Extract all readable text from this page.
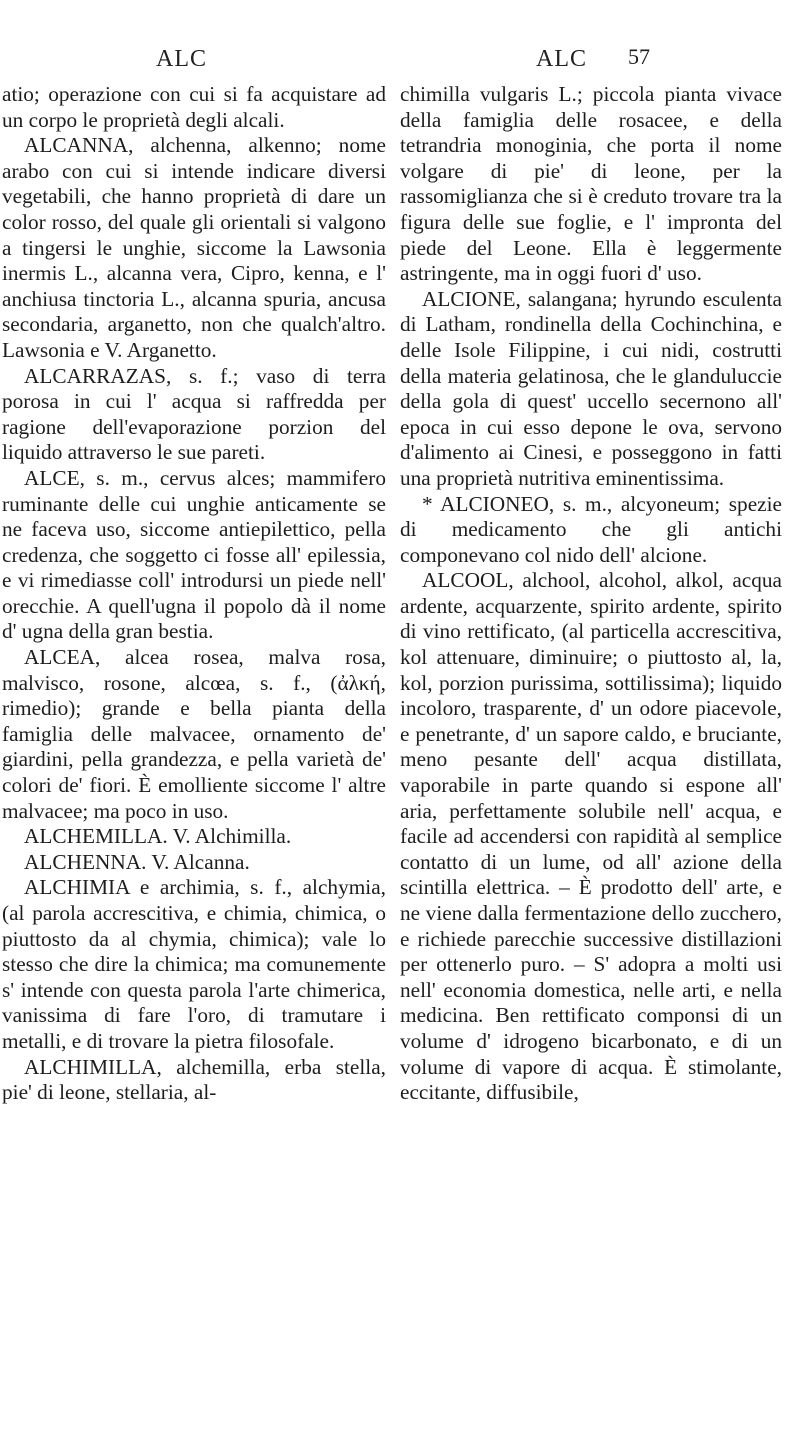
ALC	ALC 57

atio; operazione con cui si fa acquistare ad un corpo le proprietà degli alcali.

ALCANNA, alchenna, alkenno; nome arabo con cui si intende indicare diversi vegetabili, che hanno proprietà di dare un color rosso, del quale gli orientali si valgono a tingersi le unghie, siccome la Lawsonia inermis L., alcanna vera, Cipro, kenna, e l' anchiusa tinctoria L., alcanna spuria, ancusa secondaria, arganetto, non che qualch'altro. Lawsonia e V. Arganetto.

ALCARRAZAS, s. f.; vaso di terra porosa in cui l' acqua si raffredda per ragione dell'evaporazione porzion del liquido attraverso le sue pareti.

ALCE, s. m., cervus alces; mammifero ruminante delle cui unghie anticamente se ne faceva uso, siccome antiepilettico, pella credenza, che soggetto ci fosse all' epilessia, e vi rimediasse coll' introdursi un piede nell' orecchie. A quell'ugna il popolo dà il nome d' ugna della gran bestia.

ALCEA, alcea rosea, malva rosa, malvisco, rosone, alcœa, s. f., (ἀλκή, rimedio); grande e bella pianta della famiglia delle malvacee, ornamento de' giardini, pella grandezza, e pella varietà de' colori de' fiori. È emolliente siccome l' altre malvacee; ma poco in uso.

ALCHEMILLA. V. Alchimilla.

ALCHENNA. V. Alcanna.

ALCHIMIA e archimia, s. f., alchymia, (al parola accrescitiva, e chimia, chimica, o piuttosto da al chymia, chimica); vale lo stesso che dire la chimica; ma comunemente s' intende con questa parola l'arte chimerica, vanissima di fare l'oro, di tramutare i metalli, e di trovare la pietra filosofale.

ALCHIMILLA, alchemilla, erba stella, pie' di leone, stellaria, al-

chimilla vulgaris L.; piccola pianta vivace della famiglia delle rosacee, e della tetrandria monoginia, che porta il nome volgare di pie' di leone, per la rassomiglianza che si è creduto trovare tra la figura delle sue foglie, e l' impronta del piede del Leone. Ella è leggermente astringente, ma in oggi fuori d' uso.

ALCIONE, salangana; hyrundo esculenta di Latham, rondinella della Cochinchina, e delle Isole Filippine, i cui nidi, costrutti della materia gelatinosa, che le glanduluccie della gola di quest' uccello secernono all' epoca in cui esso depone le ova, servono d'alimento ai Cinesi, e posseggono in fatti una proprietà nutritiva eminentissima.

* ALCIONEO, s. m., alcyoneum; spezie di medicamento che gli antichi componevano col nido dell' alcione.

ALCOOL, alchool, alcohol, alkol, acqua ardente, acquarzente, spirito ardente, spirito di vino rettificato, (al particella accrescitiva, kol attenuare, diminuire; o piuttosto al, la, kol, porzion purissima, sottilissima); liquido incoloro, trasparente, d' un odore piacevole, e penetrante, d' un sapore caldo, e bruciante, meno pesante dell' acqua distillata, vaporabile in parte quando si espone all' aria, perfettamente solubile nell' acqua, e facile ad accendersi con rapidità al semplice contatto di un lume, od all' azione della scintilla elettrica. – È prodotto dell' arte, e ne viene dalla fermentazione dello zucchero, e richiede parecchie successive distillazioni per ottenerlo puro. – S' adopra a molti usi nell' economia domestica, nelle arti, e nella medicina. Ben rettificato componsi di un volume d' idrogeno bicarbonato, e di un volume di vapore di acqua. È stimolante, eccitante, diffusibile,
